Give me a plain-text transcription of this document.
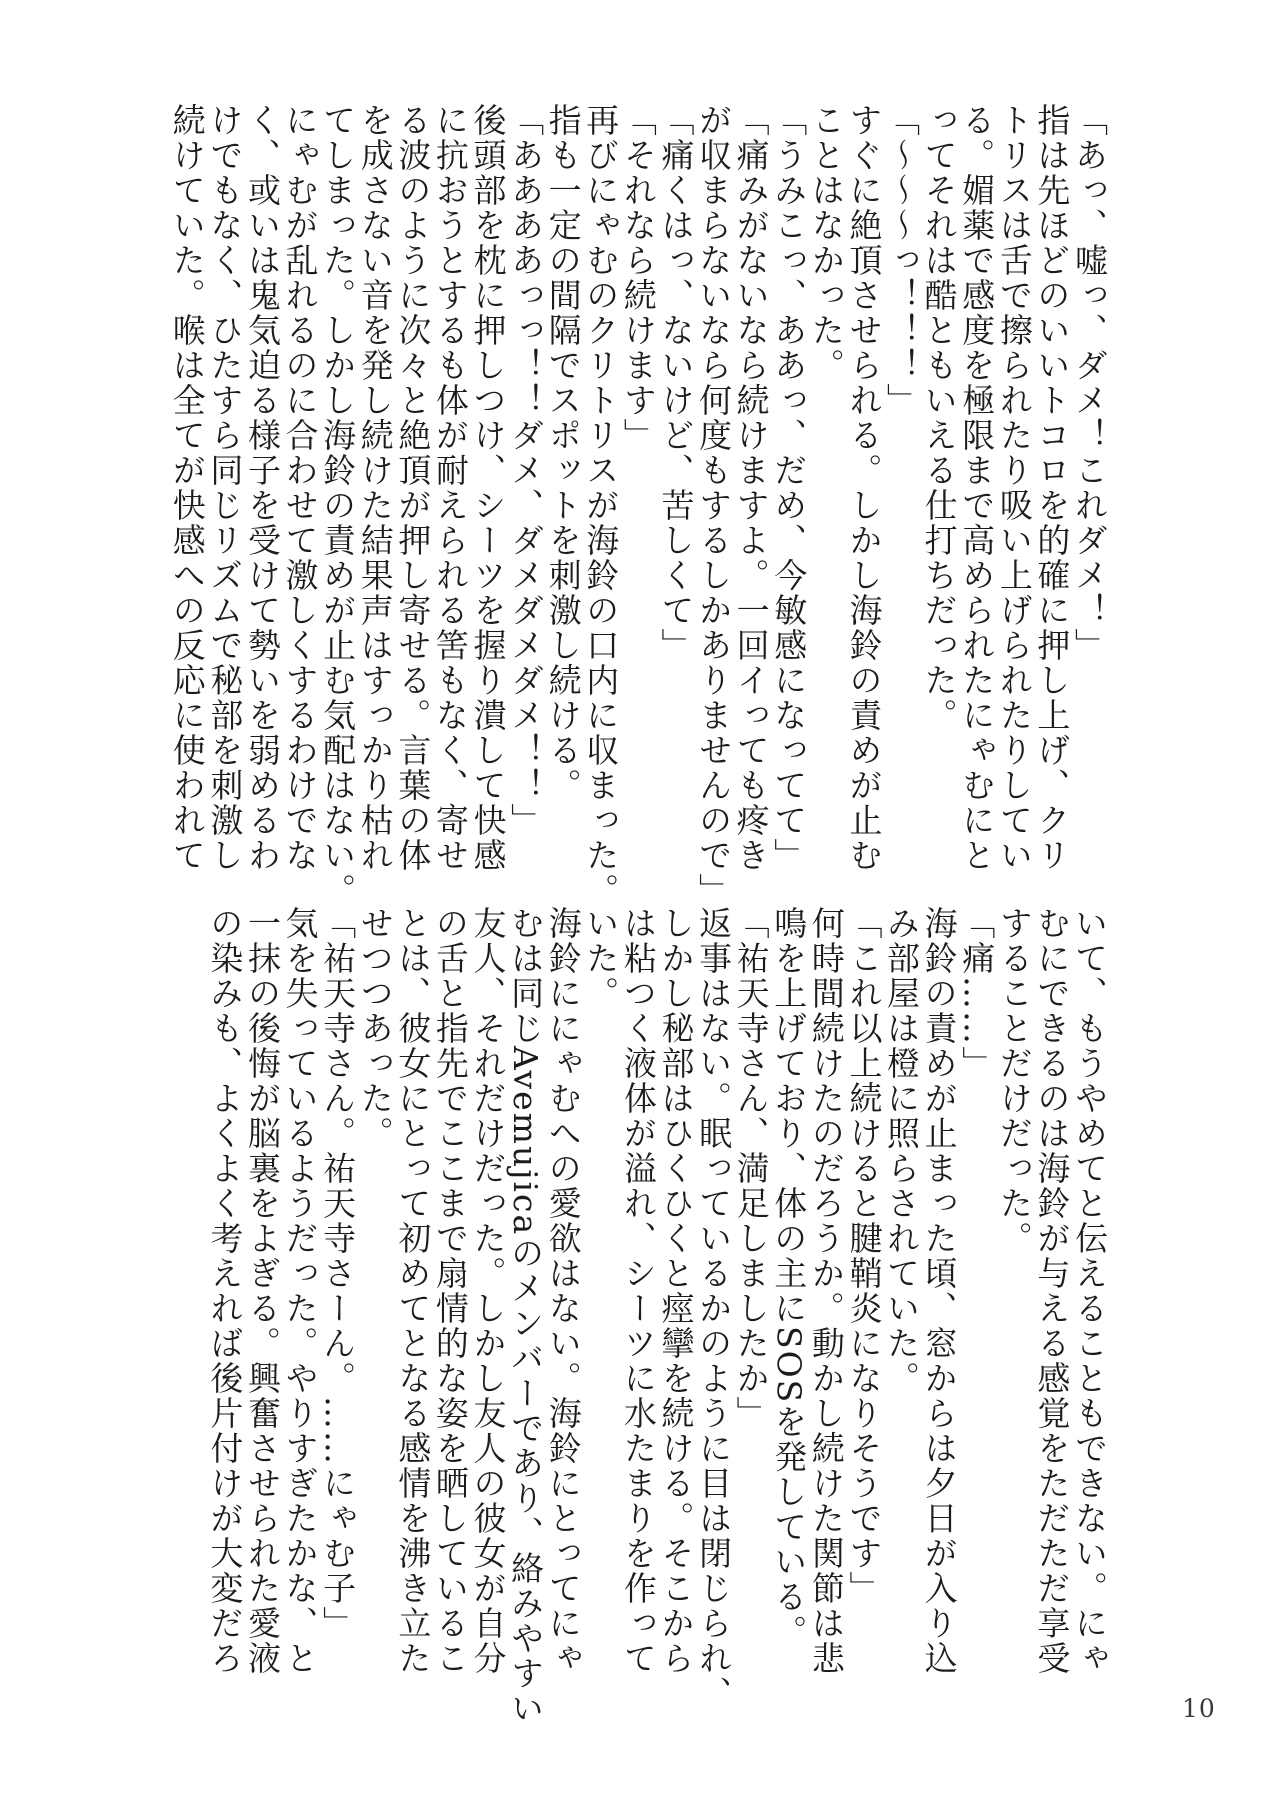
「あっ、嘘っ、ダメ！これダメ！」

指は先ほどのいいトコロを的確に押し上げ、クリ

トリスは舌で擦られたり吸い上げられたりしてい

る。媚薬で感度を極限まで高められたにゃむにと

ってそれは酷ともいえる仕打ちだった。

「〜〜〜っ！！！」

すぐに絶頂させられる。しかし海鈴の責めが止む

ことはなかった。

「うみこっ、ああっ、だめ、今敏感になってて」

「痛みがないなら続けますよ。一回イっても疼き

が収まらないなら何度もするしかありませんので」

「痛くはっ、ないけど、苦しくて」

「それなら続けます」

再びにゃむのクリトリスが海鈴の口内に収まった。

指も一定の間隔でスポットを刺激し続ける。

「ああああっっ！！ダメ、ダメダメダメ！！」

後頭部を枕に押しつけ、シーツを握り潰して快感

に抗おうとするも体が耐えられる筈もなく、寄せ

る波のように次々と絶頂が押し寄せる。言葉の体

を成さない音を発し続けた結果声はすっかり枯れ

てしまった。しかし海鈴の責めが止む気配はない。

にゃむが乱れるのに合わせて激しくするわけでな

く、或いは鬼気迫る様子を受けて勢いを弱めるわ

けでもなく、ひたすら同じリズムで秘部を刺激し

続けていた。喉は全てが快感への反応に使われて

いて、もうやめてと伝えることもできない。にゃ

むにできるのは海鈴が与える感覚をただただ享受

することだけだった。

「痛……」

海鈴の責めが止まった頃、窓からは夕日が入り込

み部屋は橙に照らされていた。

「これ以上続けると腱鞘炎になりそうです」

何時間続けたのだろうか。動かし続けた関節は悲

鳴を上げており、体の主にSOSを発している。

「祐天寺さん、満足しましたか」

返事はない。眠っているかのように目は閉じられ、

しかし秘部はひくひくと痙攣を続ける。そこから

は粘つく液体が溢れ、シーツに水たまりを作って

いた。

海鈴ににゃむへの愛欲はない。海鈴にとってにゃ

むは同じAvemujicaのメンバーであり、絡みやすい

友人、それだけだった。しかし友人の彼女が自分

の舌と指先でここまで扇情的な姿を晒しているこ

とは、彼女にとって初めてとなる感情を沸き立た

せつつあった。

「祐天寺さん。祐天寺さーん。……にゃむ子」

気を失っているようだった。やりすぎたかな、と

一抹の後悔が脳裏をよぎる。興奮させられた愛液

の染みも、よくよく考えれば後片付けが大変だろ

10
